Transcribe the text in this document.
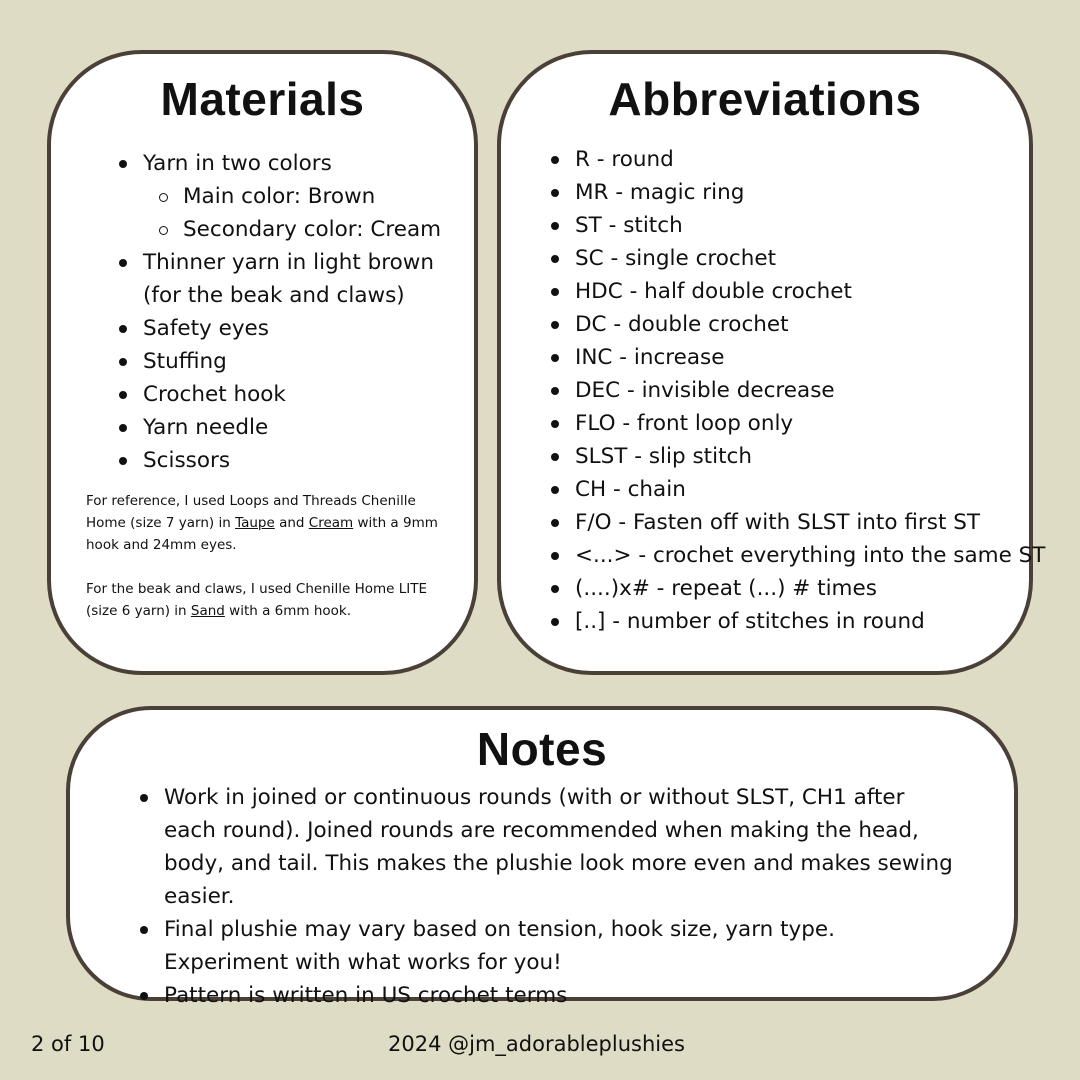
Materials
Yarn in two colors
Main color: Brown
Secondary color: Cream
Thinner yarn in light brown
(for the beak and claws)
Safety eyes
Stuffing
Crochet hook
Yarn needle
Scissors

For reference, I used Loops and Threads Chenille Home (size 7 yarn) in Taupe and Cream with a 9mm hook and 24mm eyes.

For the beak and claws, I used Chenille Home LITE (size 6 yarn) in Sand with a 6mm hook.

Abbreviations
R - round
MR - magic ring
ST - stitch
SC - single crochet
HDC - half double crochet
DC - double crochet
INC - increase
DEC - invisible decrease
FLO - front loop only
SLST - slip stitch
CH - chain
F/O - Fasten off with SLST into first ST
<...> - crochet everything into the same ST
(....)x# - repeat (...) # times
[..] - number of stitches in round
Notes
Work in joined or continuous rounds (with or without SLST, CH1 after each round). Joined rounds are recommended when making the head, body, and tail. This makes the plushie look more even and makes sewing easier.
Final plushie may vary based on tension, hook size, yarn type. Experiment with what works for you!
Pattern is written in US crochet terms
2 of 10	2024 @jm_adorableplushies
